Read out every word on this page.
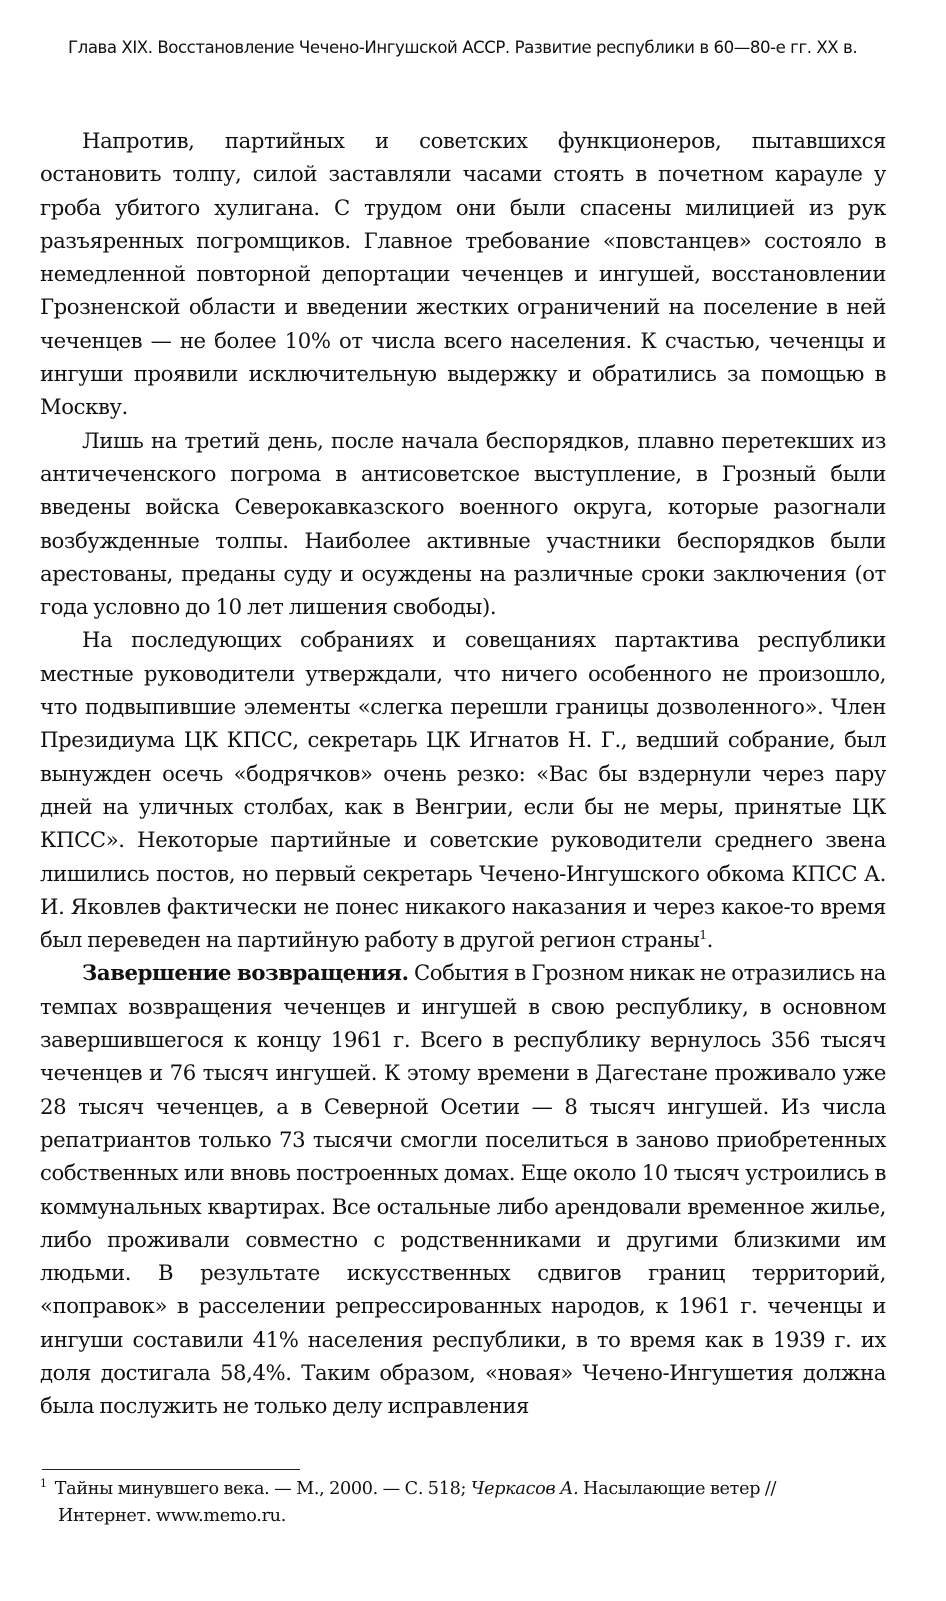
Глава XIX. Восстановление Чечено-Ингушской АССР. Развитие республики в 60—80-е гг. XX в.

Напротив, партийных и советских функционеров, пытавшихся остановить толпу, силой заставляли часами стоять в почетном карауле у гроба убитого хулигана. С трудом они были спасены милицией из рук разъяренных погромщиков. Главное требование «повстанцев» состояло в немедленной повторной депортации чеченцев и ингушей, восстановлении Грозненской области и введении жестких ограничений на поселение в ней чеченцев — не более 10% от числа всего населения. К счастью, чеченцы и ингуши проявили исключительную выдержку и обратились за помощью в Москву.

Лишь на третий день, после начала беспорядков, плавно перетекших из античеченского погрома в антисоветское выступление, в Грозный были введены войска Северокавказского военного округа, которые разогнали возбужденные толпы. Наиболее активные участники беспорядков были арестованы, преданы суду и осуждены на различные сроки заключения (от года условно до 10 лет лишения свободы).

На последующих собраниях и совещаниях партактива республики местные руководители утверждали, что ничего особенного не произошло, что подвыпившие элементы «слегка перешли границы дозволенного». Член Президиума ЦК КПСС, секретарь ЦК Игнатов Н. Г., ведший собрание, был вынужден осечь «бодрячков» очень резко: «Вас бы вздернули через пару дней на уличных столбах, как в Венгрии, если бы не меры, принятые ЦК КПСС». Некоторые партийные и советские руководители среднего звена лишились постов, но первый секретарь Чечено-Ингушского обкома КПСС А. И. Яковлев фактически не понес никакого наказания и через какое-то время был переведен на партийную работу в другой регион страны$^1$.

Завершение возвращения. События в Грозном никак не отразились на темпах возвращения чеченцев и ингушей в свою республику, в основном завершившегося к концу 1961 г. Всего в республику вернулось 356 тысяч чеченцев и 76 тысяч ингушей. К этому времени в Дагестане проживало уже 28 тысяч чеченцев, а в Северной Осетии — 8 тысяч ингушей. Из числа репатриантов только 73 тысячи смогли поселиться в заново приобретенных собственных или вновь построенных домах. Еще около 10 тысяч устроились в коммунальных квартирах. Все остальные либо арендовали временное жилье, либо проживали совместно с родственниками и другими близкими им людьми. В результате искусственных сдвигов границ территорий, «поправок» в расселении репрессированных народов, к 1961 г. чеченцы и ингуши составили 41% населения республики, в то время как в 1939 г. их доля достигала 58,4%. Таким образом, «новая» Чечено-Ингушетия должна была послужить не только делу исправления

$^1$ Тайны минувшего века. — М., 2000. — С. 518; Черкасов А. Насылающие ветер //
Интернет. www.memo.ru.
